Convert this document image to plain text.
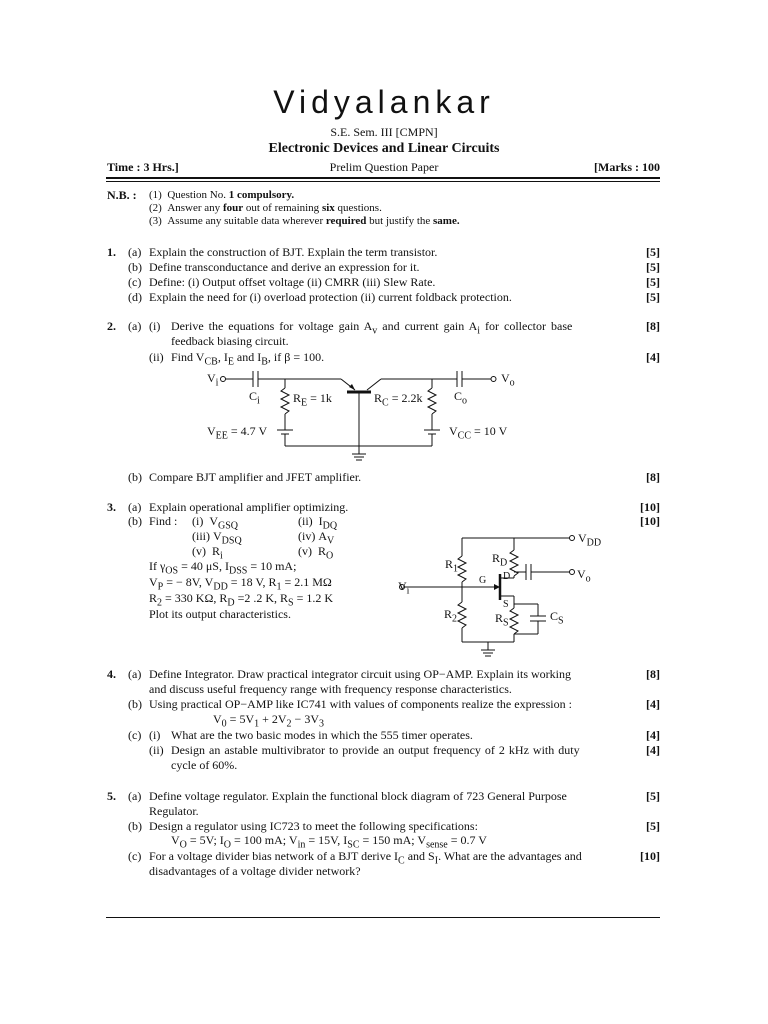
Vidyalankar
S.E. Sem. III [CMPN]
Electronic Devices and Linear Circuits
Time : 3 Hrs.]	Prelim Question Paper	[Marks : 100
N.B. : (1) Question No. 1 compulsory.
(2) Answer any four out of remaining six questions.
(3) Assume any suitable data wherever required but justify the same.
1. (a) Explain the construction of BJT. Explain the term transistor.	[5]
(b) Define transconductance and derive an expression for it.	[5]
(c) Define: (i) Output offset voltage (ii) CMRR (iii) Slew Rate.	[5]
(d) Explain the need for (i) overload protection (ii) current foldback protection.	[5]
2. (a) (i) Derive the equations for voltage gain $A_v$ and current gain $A_i$ for collector base	[8]
feedback biasing circuit.
(ii) Find $V_{CB}$, $I_E$ and $I_B$, if β = 100.	[4]
$V_i$	$V_o$
$C_i$	$R_E = 1k$	$R_C = 2.2k$	$C_o$
$V_{EE} = 4.7$ V	$V_{CC} = 10$ V
(b) Compare BJT amplifier and JFET amplifier.	[8]
3. (a) Explain operational amplifier optimizing.	[10]
(b) Find :	[10]
(i) $V_{GSQ}$	(ii) $I_{DQ}$
(iii) $V_{DSQ}$	(iv) $A_V$
(v) $R_i$	(v) $R_O$
If $\gamma_{OS} = 40$ μS, $I_{DSS} = 10$ mA;
$V_P$ = − 8V, $V_{DD} = 18$ V, $R_1 = 2.1$ MΩ
$R_2 = 330$ KΩ, $R_D =2$ .2 K, $R_S = 1.2$ K
Plot its output characteristics.
$V_{DD}$
$R_1$
$R_D$
G D
S
$V_o$
$V_i$
$R_2$	$R_S$	$C_S$
4. (a) Define Integrator. Draw practical integrator circuit using OP−AMP. Explain its working	[8]
and discuss useful frequency range with frequency response characteristics.
(b) Using practical OP−AMP like IC741 with values of components realize the expression :	[4]
$V_0 = 5V_1 + 2V_2 - 3V_3$
(c) (i) What are the two basic modes in which the 555 timer operates.	[4]
(ii) Design an astable multivibrator to provide an output frequency of 2 kHz with duty	[4]
cycle of 60%.
5. (a) Define voltage regulator. Explain the functional block diagram of 723 General Purpose	[5]
Regulator.
(b) Design a regulator using IC723 to meet the following specifications:	[5]
$V_O = 5V$; $I_O = 100$ mA; $V_{in} = 15V$, $I_{SC} = 150$ mA; $V_{sense} = 0.7$ V
(c) For a voltage divider bias network of a BJT derive $I_C$ and $S_I$. What are the advantages and	[10]
disadvantages of a voltage divider network?
